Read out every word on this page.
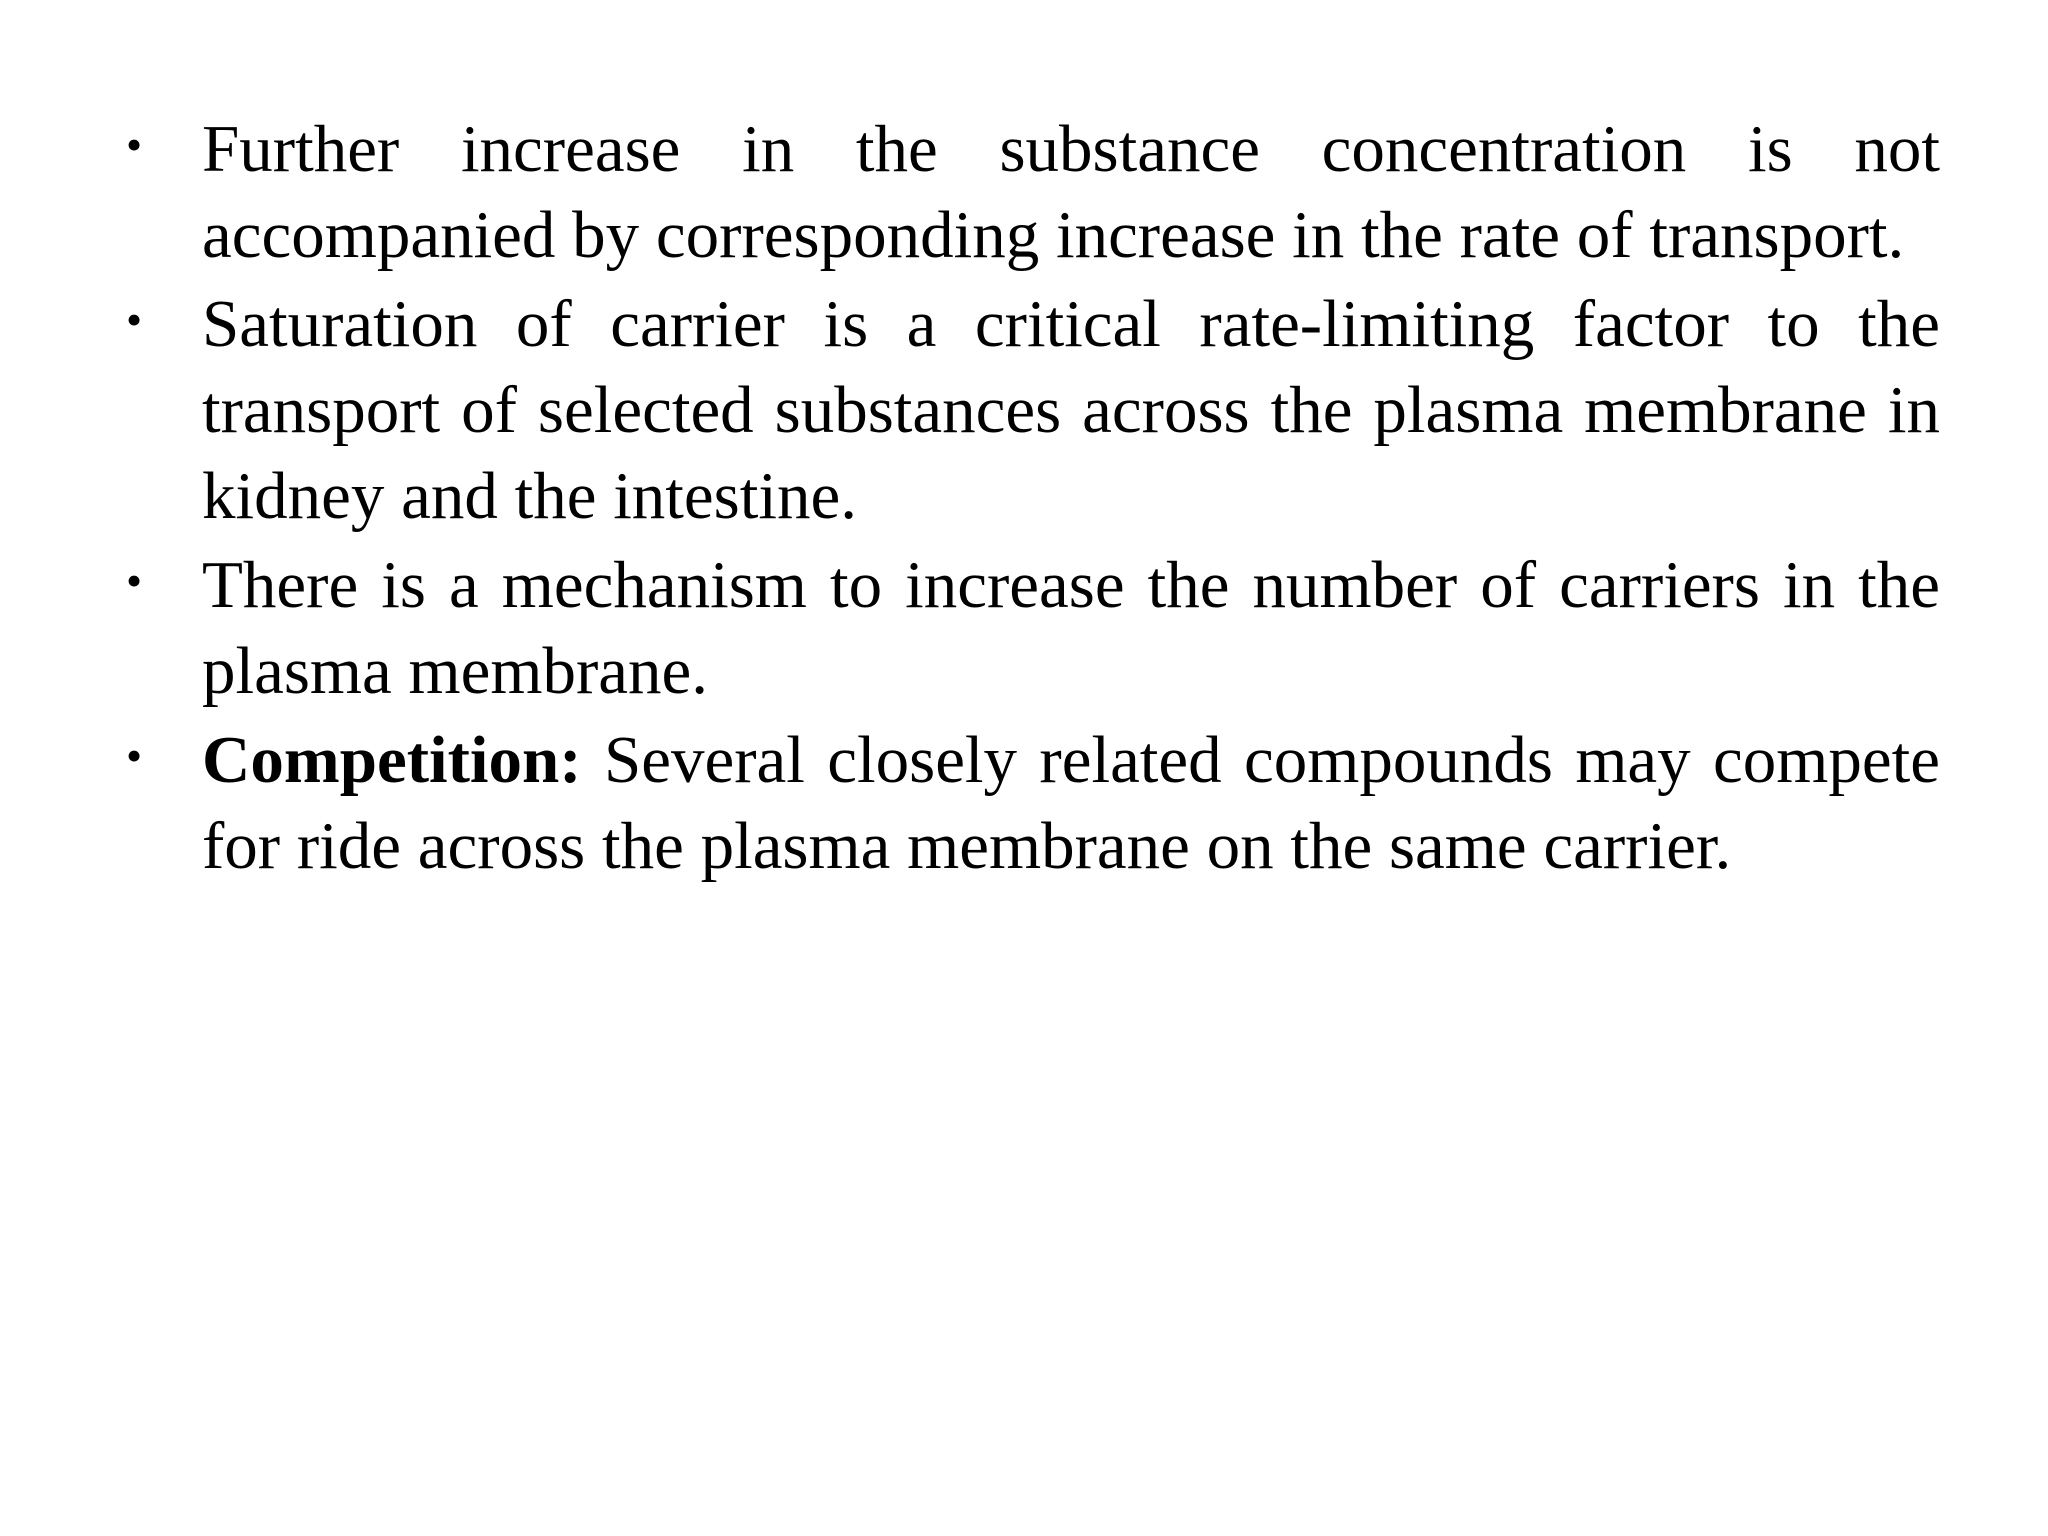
• Further increase in the substance concentration is not accompanied by corresponding increase in the rate of transport.
• Saturation of carrier is a critical rate-limiting factor to the transport of selected substances across the plasma membrane in kidney and the intestine.
• There is a mechanism to increase the number of carriers in the plasma membrane.
• Competition: Several closely related compounds may compete for ride across the plasma membrane on the same carrier.
